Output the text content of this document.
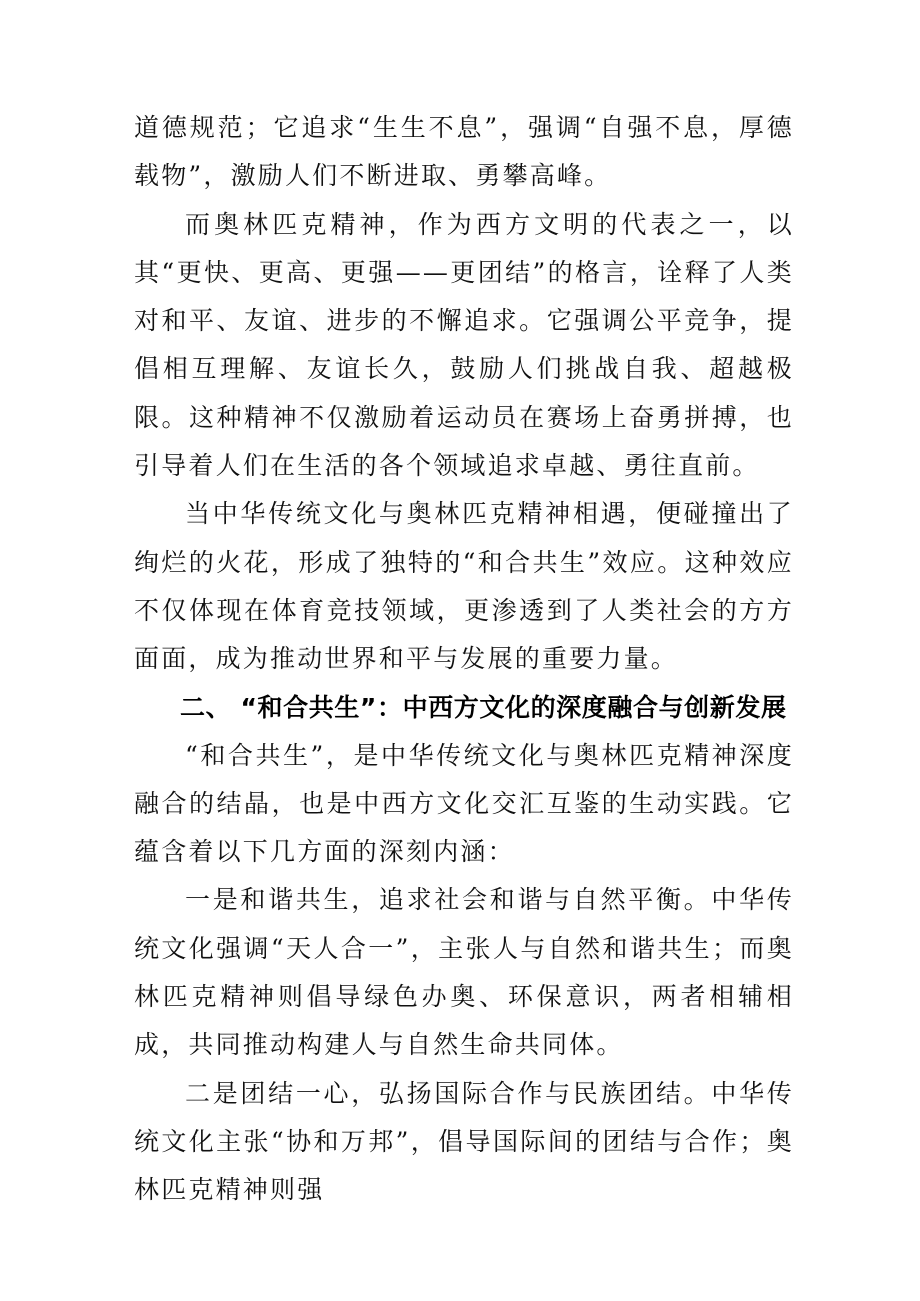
道德规范；它追求“生生不息”，强调“自强不息，厚德载物”，激励人们不断进取、勇攀高峰。

而奥林匹克精神，作为西方文明的代表之一，以其“更快、更高、更强——更团结”的格言，诠释了人类对和平、友谊、进步的不懈追求。它强调公平竞争，提倡相互理解、友谊长久，鼓励人们挑战自我、超越极限。这种精神不仅激励着运动员在赛场上奋勇拼搏，也引导着人们在生活的各个领域追求卓越、勇往直前。

当中华传统文化与奥林匹克精神相遇，便碰撞出了绚烂的火花，形成了独特的“和合共生”效应。这种效应不仅体现在体育竞技领域，更渗透到了人类社会的方方面面，成为推动世界和平与发展的重要力量。

二、 “和合共生”：中西方文化的深度融合与创新发展

“和合共生”，是中华传统文化与奥林匹克精神深度融合的结晶，也是中西方文化交汇互鉴的生动实践。它蕴含着以下几方面的深刻内涵：

一是和谐共生，追求社会和谐与自然平衡。中华传统文化强调“天人合一”，主张人与自然和谐共生；而奥林匹克精神则倡导绿色办奥、环保意识，两者相辅相成，共同推动构建人与自然生命共同体。

二是团结一心，弘扬国际合作与民族团结。中华传统文化主张“协和万邦”，倡导国际间的团结与合作；奥林匹克精神则强
